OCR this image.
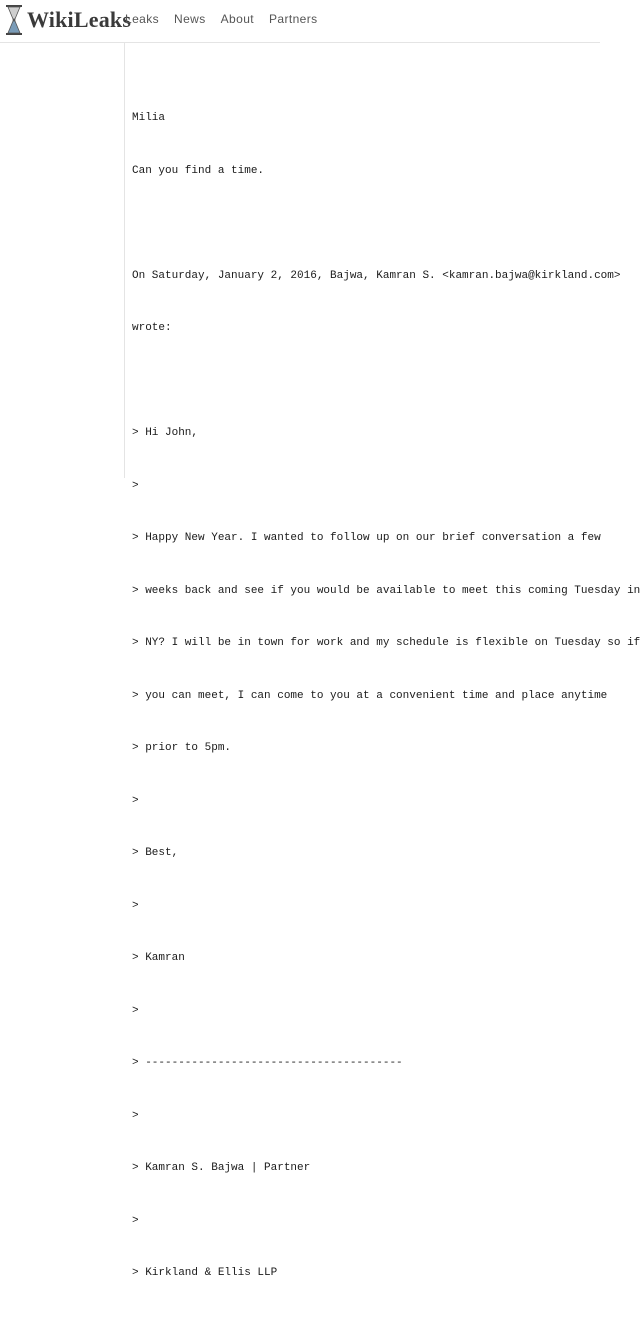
WikiLeaks
Leaks News About Partners

Milia

Can you find a time.

On Saturday, January 2, 2016, Bajwa, Kamran S. <kamran.bajwa@kirkland.com>

wrote:

> Hi John,

>

> Happy New Year. I wanted to follow up on our brief conversation a few

> weeks back and see if you would be available to meet this coming Tuesday in

> NY? I will be in town for work and my schedule is flexible on Tuesday so if

> you can meet, I can come to you at a convenient time and place anytime

> prior to 5pm.

>

> Best,

>

> Kamran

>

> ---------------------------------------

>

> Kamran S. Bajwa | Partner

>

> Kirkland & Ellis LLP
